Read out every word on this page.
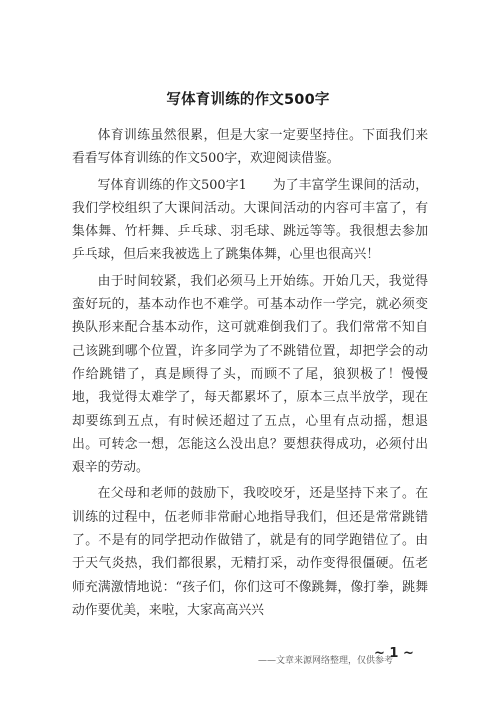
写体育训练的作文500字

体育训练虽然很累，但是大家一定要坚持住。下面我们来看看写体育训练的作文500字，欢迎阅读借鉴。

写体育训练的作文500字1　　为了丰富学生课间的活动，我们学校组织了大课间活动。大课间活动的内容可丰富了，有集体舞、竹杆舞、乒乓球、羽毛球、跳远等等。我很想去参加乒乓球，但后来我被选上了跳集体舞，心里也很高兴！

由于时间较紧，我们必须马上开始练。开始几天，我觉得蛮好玩的，基本动作也不难学。可基本动作一学完，就必须变换队形来配合基本动作，这可就难倒我们了。我们常常不知自己该跳到哪个位置，许多同学为了不跳错位置，却把学会的动作给跳错了，真是顾得了头，而顾不了尾，狼狈极了！慢慢地，我觉得太难学了，每天都累坏了，原本三点半放学，现在却要练到五点，有时候还超过了五点，心里有点动摇，想退出。可转念一想，怎能这么没出息？要想获得成功，必须付出艰辛的劳动。

在父母和老师的鼓励下，我咬咬牙，还是坚持下来了。在训练的过程中，伍老师非常耐心地指导我们，但还是常常跳错了。不是有的同学把动作做错了，就是有的同学跑错位了。由于天气炎热，我们都很累，无精打采，动作变得很僵硬。伍老师充满激情地说：“孩子们，你们这可不像跳舞，像打拳，跳舞动作要优美，来啦，大家高高兴兴

——文章来源网络整理，仅供参考
~ 1 ~
